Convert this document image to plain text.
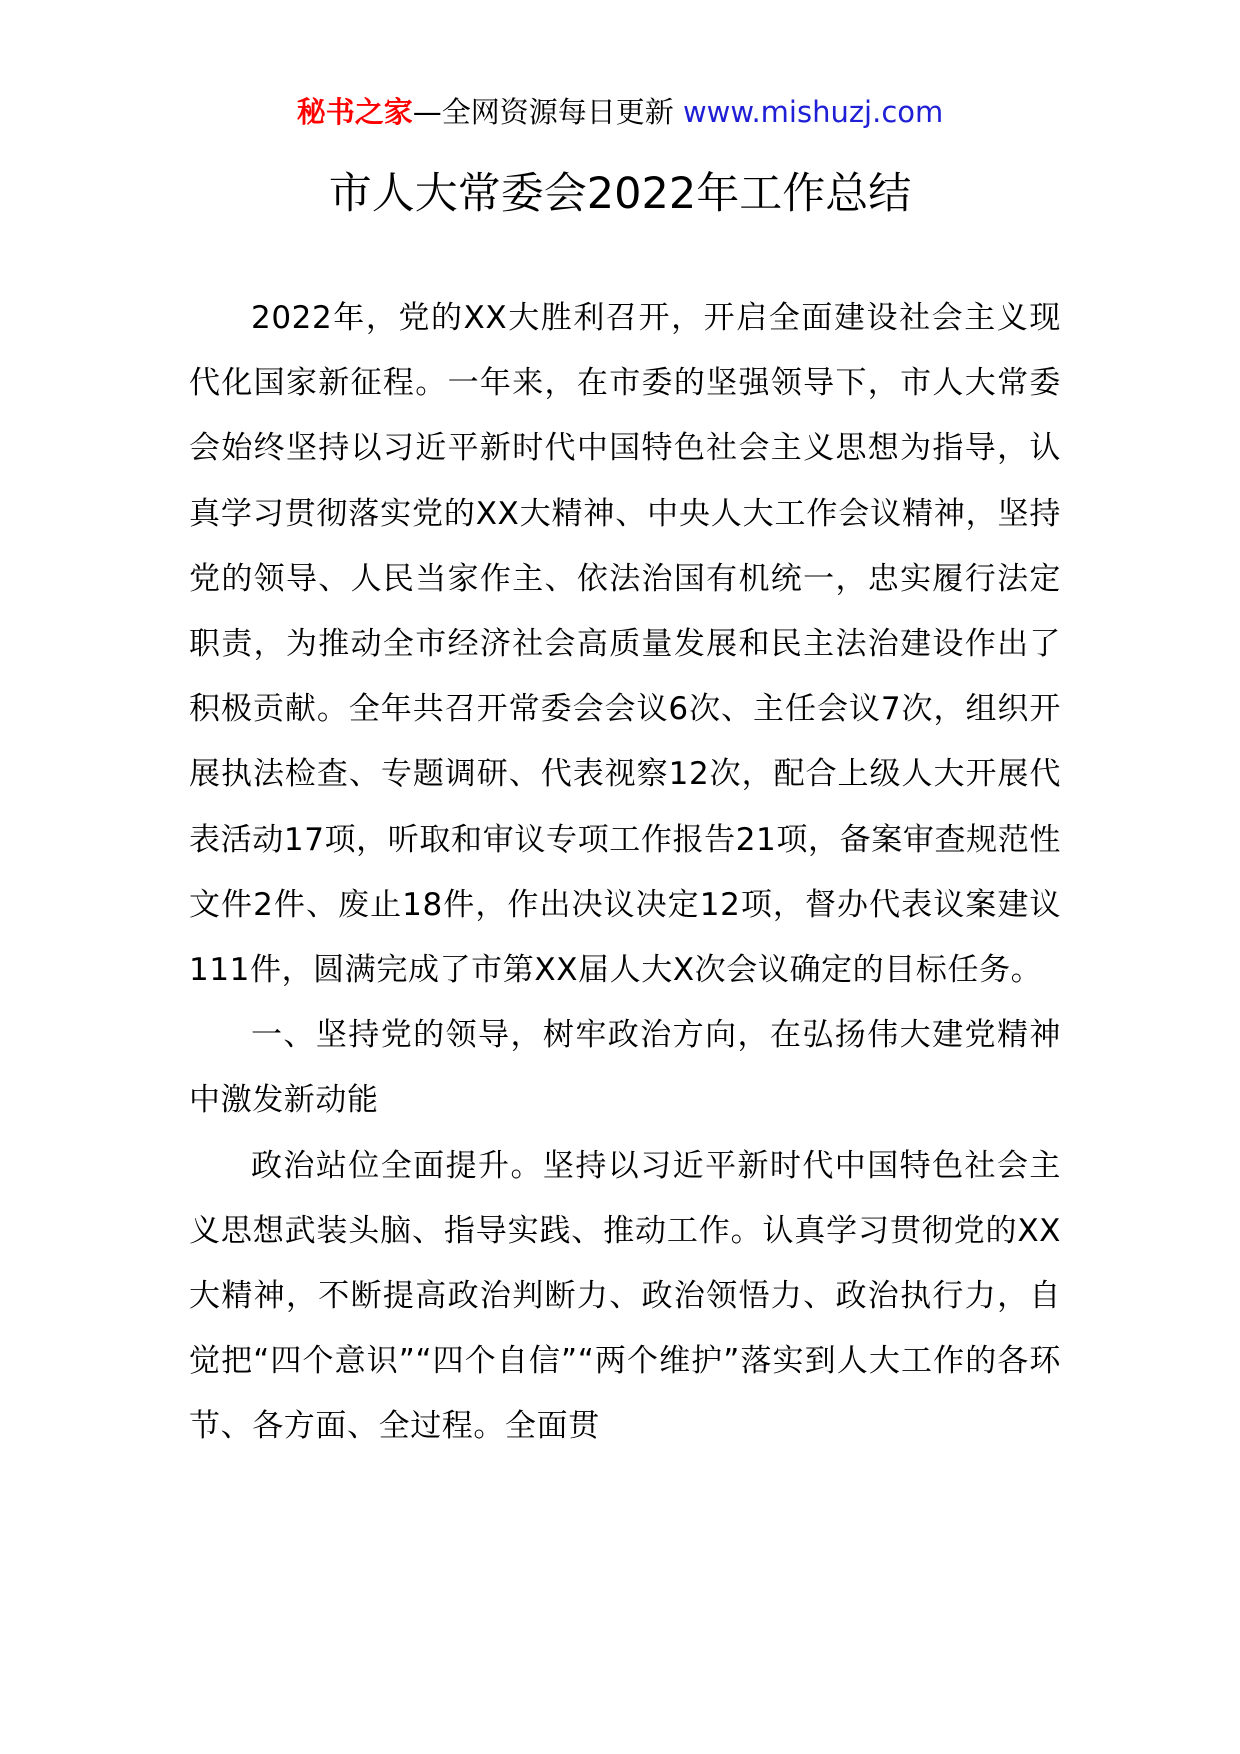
秘书之家—全网资源每日更新 www.mishuzj.com
市人大常委会2022年工作总结

2022年，党的XX大胜利召开，开启全面建设社会主义现代化国家新征程。一年来，在市委的坚强领导下，市人大常委会始终坚持以习近平新时代中国特色社会主义思想为指导，认真学习贯彻落实党的XX大精神、中央人大工作会议精神，坚持党的领导、人民当家作主、依法治国有机统一，忠实履行法定职责，为推动全市经济社会高质量发展和民主法治建设作出了积极贡献。全年共召开常委会会议6次、主任会议7次，组织开展执法检查、专题调研、代表视察12次，配合上级人大开展代表活动17项，听取和审议专项工作报告21项，备案审查规范性文件2件、废止18件，作出决议决定12项，督办代表议案建议111件，圆满完成了市第XX届人大X次会议确定的目标任务。

一、坚持党的领导，树牢政治方向，在弘扬伟大建党精神中激发新动能

政治站位全面提升。坚持以习近平新时代中国特色社会主义思想武装头脑、指导实践、推动工作。认真学习贯彻党的XX大精神，不断提高政治判断力、政治领悟力、政治执行力，自觉把“四个意识”“四个自信”“两个维护”落实到人大工作的各环节、各方面、全过程。全面贯
